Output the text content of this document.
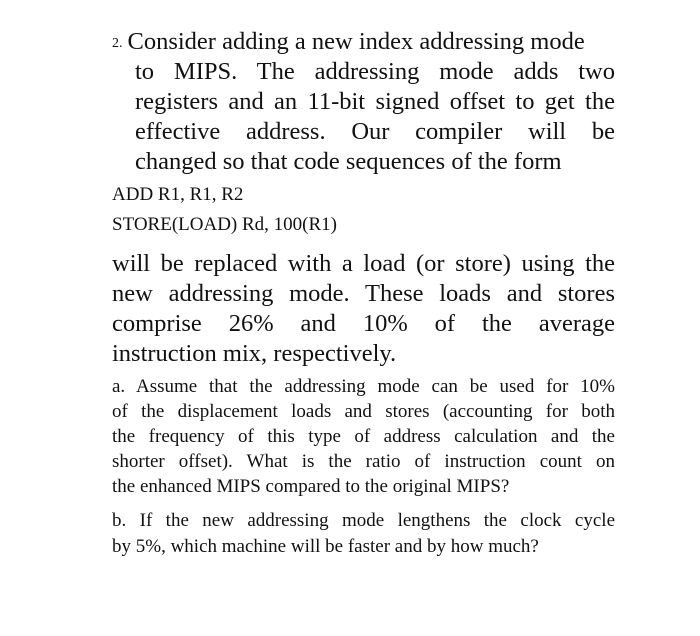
2. Consider adding a new index addressing mode
to MIPS. The addressing mode adds two
registers and an 11-bit signed offset to get the
effective address. Our compiler will be
changed so that code sequences of the form
ADD R1, R1, R2
STORE(LOAD) Rd, 100(R1)
will be replaced with a load (or store) using the
new addressing mode. These loads and stores
comprise 26% and 10% of the average
instruction mix, respectively.
a. Assume that the addressing mode can be used for 10%
of the displacement loads and stores (accounting for both
the frequency of this type of address calculation and the
shorter offset). What is the ratio of instruction count on
the enhanced MIPS compared to the original MIPS?
b. If the new addressing mode lengthens the clock cycle
by 5%, which machine will be faster and by how much?
